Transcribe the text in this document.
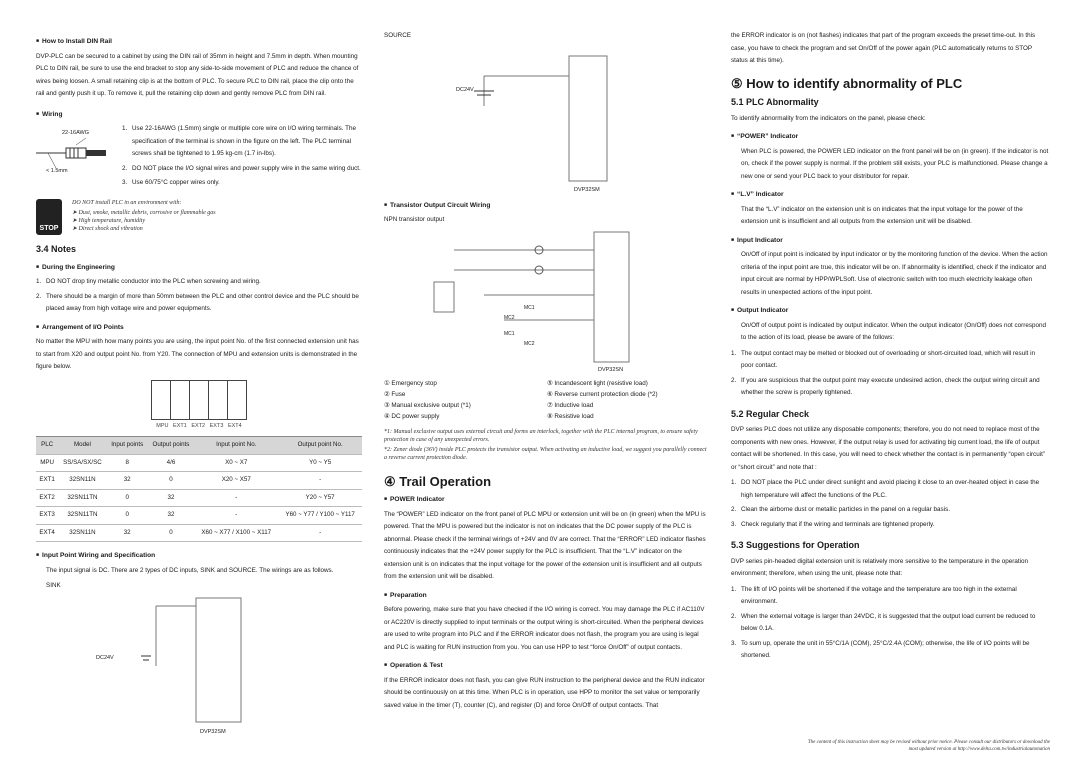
■ How to Install DIN Rail

DVP-PLC can be secured to a cabinet by using the DIN rail of 35mm in height and 7.5mm in depth. When mounting PLC to DIN rail, be sure to use the end bracket to stop any side-to-side movement of PLC and reduce the chance of wires being loosen. A small retaining clip is at the bottom of PLC. To secure PLC to DIN rail, place the clip onto the rail and gently push it up. To remove it, pull the retaining clip down and gently remove PLC from DIN rail.

■ Wiring
22-16AWG
< 1.5mm
1. Use 22-16AWG (1.5mm) single or multiple core wire on I/O wiring terminals. The specification of the terminal is shown in the figure on the left. The PLC terminal screws shall be tightened to 1.95 kg-cm (1.7 in-lbs).
2. DO NOT place the I/O signal wires and power supply wire in the same wiring duct.
3. Use 60/75°C copper wires only.
STOP
DO NOT install PLC in an environment with:
➤ Dust, smoke, metallic debris, corrosive or flammable gas
➤ High temperature, humidity
➤ Direct shock and vibration
3.4 Notes
■ During the Engineering
1. DO NOT drop tiny metallic conductor into the PLC when screwing and wiring.
2. There should be a margin of more than 50mm between the PLC and other control device and the PLC should be placed away from high voltage wire and power equipments.
■ Arrangement of I/O Points

No matter the MPU with how many points you are using, the input point No. of the first connected extension unit has to start from X20 and output point No. from Y20. The connection of MPU and extension units is demonstrated in the figure below.

MPU EXT1 EXT2 EXT3 EXT4
PLC	Model	Input points	Output points	Input point No.	Output point No.
MPU	SS/SA/SX/SC	8	4/6	X0 ~ X7	Y0 ~ Y5
EXT1	32SN11N	32	0	X20 ~ X57	-
EXT2	32SN11TN	0	32	-	Y20 ~ Y57
EXT3	32SN11TN	0	32	-	Y60 ~ Y77 / Y100 ~ Y117
EXT4	32SN11N	32	0	X60 ~ X77 / X100 ~ X117	-
■ Input Point Wiring and Specification

The input signal is DC. There are 2 types of DC inputs, SINK and SOURCE. The wirings are as follows.

SINK

DC24V
DVP32SM

SOURCE

DC24V
DVP32SM
■ Transistor Output Circuit Wiring

NPN transistor output

MC1
MC2
MC1
MC2
DVP32SN
① Emergency stop	⑤ Incandescent light (resistive load)
② Fuse	⑥ Reverse current protection diode (*2)
③ Manual exclusive output (*1)	⑦ Inductive load
④ DC power supply	⑧ Resistive load
*1: Manual exclusive output uses external circuit and forms an interlock, together with the PLC internal program, to ensure safety protection in case of any unexpected errors.
*2: Zener diode (36V) inside PLC protects the transistor output. When activating an inductive load, we suggest you parallelly connect a reverse current protection diode.
④ Trail Operation
■ POWER Indicator

The “POWER” LED indicator on the front panel of PLC MPU or extension unit will be on (in green) when the MPU is powered. That the MPU is powered but the indicator is not on indicates that the DC power supply of the PLC is abnormal. Please check if the terminal wirings of +24V and 0V are correct. That the “ERROR” LED indicator flashes continuously indicates that the +24V power supply for the PLC is insufficient. That the “L.V” indicator on the extension unit is on indicates that the input voltage for the power of the extension unit is insufficient and all outputs from the extension unit will be disabled.

■ Preparation

Before powering, make sure that you have checked if the I/O wiring is correct. You may damage the PLC if AC110V or AC220V is directly supplied to input terminals or the output wiring is short-circuited. When the peripheral devices are used to write program into PLC and if the ERROR indicator does not flash, the program you are using is legal and PLC is waiting for RUN instruction from you. You can use HPP to test “force On/Off” of output contacts.

■ Operation & Test

If the ERROR indicator does not flash, you can give RUN instruction to the peripheral device and the RUN indicator should be continuously on at this time. When PLC is in operation, use HPP to monitor the set value or temporarily saved value in the timer (T), counter (C), and register (D) and force On/Off of output contacts. That

the ERROR indicator is on (not flashes) indicates that part of the program exceeds the preset time-out. In this case, you have to check the program and set On/Off of the power again (PLC automatically returns to STOP status at this time).

⑤ How to identify abnormality of PLC
5.1 PLC Abnormality

To identify abnormality from the indicators on the panel, please check:

■ “POWER” Indicator

When PLC is powered, the POWER LED indicator on the front panel will be on (in green). If the indicator is not on, check if the power supply is normal. If the problem still exists, your PLC is malfunctioned. Please change a new one or send your PLC back to your distributor for repair.

■ “L.V” Indicator

That the “L.V” indicator on the extension unit is on indicates that the input voltage for the power of the extension unit is insufficient and all outputs from the extension unit will be disabled.

■ Input Indicator

On/Off of input point is indicated by input indicator or by the monitoring function of the device. When the action criteria of the input point are true, this indicator will be on. If abnormality is identified, check if the indicator and input circuit are normal by HPP/WPLSoft. Use of electronic switch with too much electricity leakage often results in unexpected actions of the input point.

■ Output Indicator

On/Off of output point is indicated by output indicator. When the output indicator (On/Off) does not correspond to the action of its load, please be aware of the follows:

1. The output contact may be melted or blocked out of overloading or short-circuited load, which will result in poor contact.
2. If you are suspicious that the output point may execute undesired action, check the output wiring circuit and whether the screw is properly tightened.
5.2 Regular Check

DVP series PLC does not utilize any disposable components; therefore, you do not need to replace most of the components with new ones. However, if the output relay is used for activating big current load, the life of output contact will be shortened. In this case, you will need to check whether the contact is in permanently “open circuit” or “short circuit” and note that :

1. DO NOT place the PLC under direct sunlight and avoid placing it close to an over-heated object in case the high temperature will affect the functions of the PLC.
2. Clean the airborne dust or metallic particles in the panel on a regular basis.
3. Check regularly that if the wiring and terminals are tightened properly.
5.3 Suggestions for Operation

DVP series pin-headed digital extension unit is relatively more sensitive to the temperature in the operation environment; therefore, when using the unit, please note that:

1. The lift of I/O points will be shortened if the voltage and the temperature are too high in the external environment.
2. When the external voltage is larger than 24VDC, it is suggested that the output load current be reduced to below 0.1A.
3. To sum up, operate the unit in 55°C/1A (COM), 25°C/2.4A (COM); otherwise, the life of I/O points will be shortened.
The content of this instruction sheet may be revised without prior notice. Please consult our distributors or download the most updated version at http://www.delta.com.tw/industrialautomation
